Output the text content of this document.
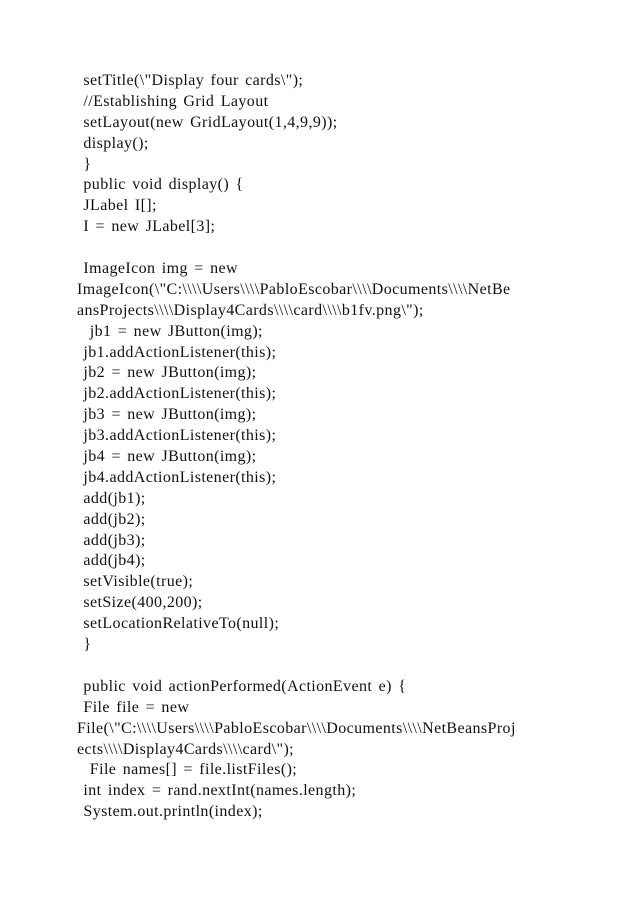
setTitle(\"Display four cards\");
//Establishing Grid Layout
setLayout(new GridLayout(1,4,9,9));
display();
}
public void display() {
JLabel I[];
I = new JLabel[3];
ImageIcon img = new
ImageIcon(\"C:\\\\Users\\\\PabloEscobar\\\\Documents\\\\NetBe
ansProjects\\\\Display4Cards\\\\card\\\\b1fv.png\");
jb1 = new JButton(img);
jb1.addActionListener(this);
jb2 = new JButton(img);
jb2.addActionListener(this);
jb3 = new JButton(img);
jb3.addActionListener(this);
jb4 = new JButton(img);
jb4.addActionListener(this);
add(jb1);
add(jb2);
add(jb3);
add(jb4);
setVisible(true);
setSize(400,200);
setLocationRelativeTo(null);
}
public void actionPerformed(ActionEvent e) {
File file = new
File(\"C:\\\\Users\\\\PabloEscobar\\\\Documents\\\\NetBeansProj
ects\\\\Display4Cards\\\\card\");
File names[] = file.listFiles();
int index = rand.nextInt(names.length);
System.out.println(index);
